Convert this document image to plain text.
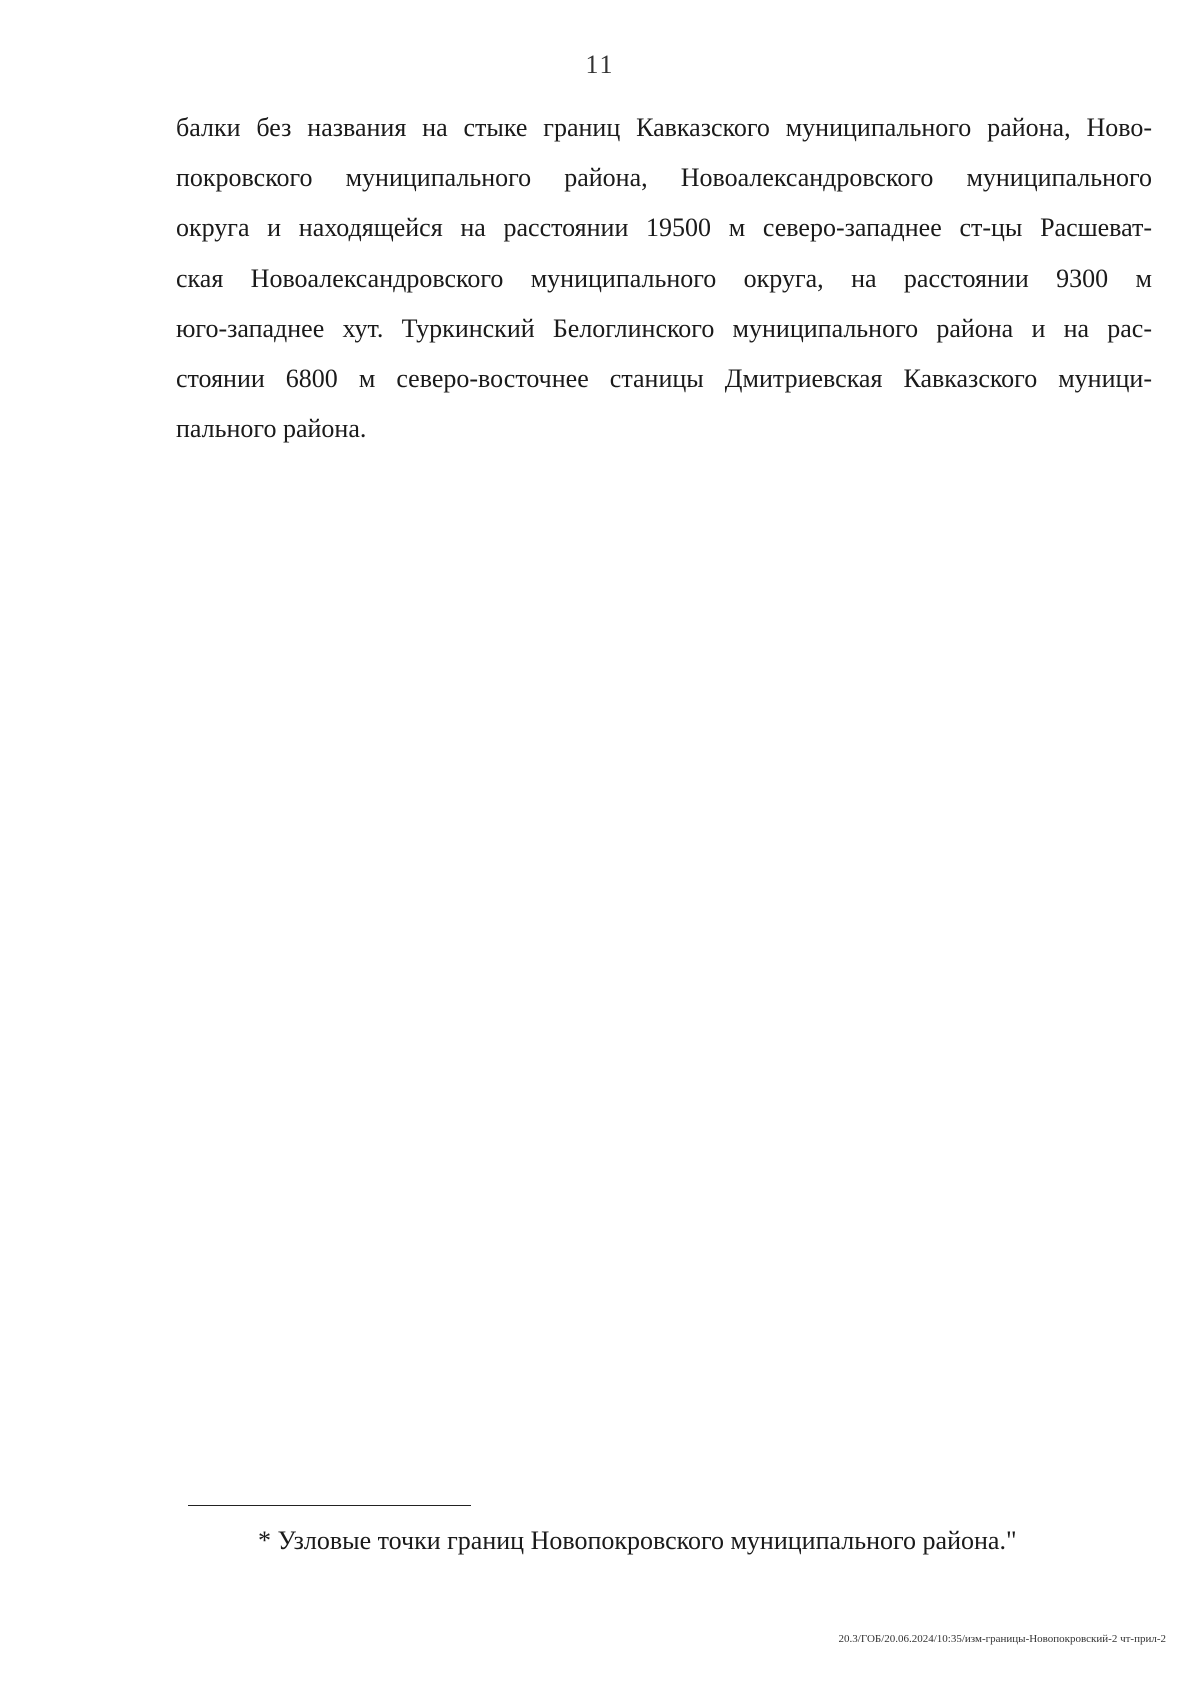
11
балки без названия на стыке границ Кавказского муниципального района, Ново-
покровского муниципального района, Новоалександровского муниципального
округа и находящейся на расстоянии 19500 м северо-западнее ст-цы Расшеват-
ская Новоалександровского муниципального округа, на расстоянии 9300 м
юго-западнее хут. Туркинский Белоглинского муниципального района и на рас-
стоянии 6800 м северо-восточнее станицы Дмитриевская Кавказского муници-
пального района.
* Узловые точки границ Новопокровского муниципального района."
20.3/ГОБ/20.06.2024/10:35/изм-границы-Новопокровский-2 чт-прил-2
